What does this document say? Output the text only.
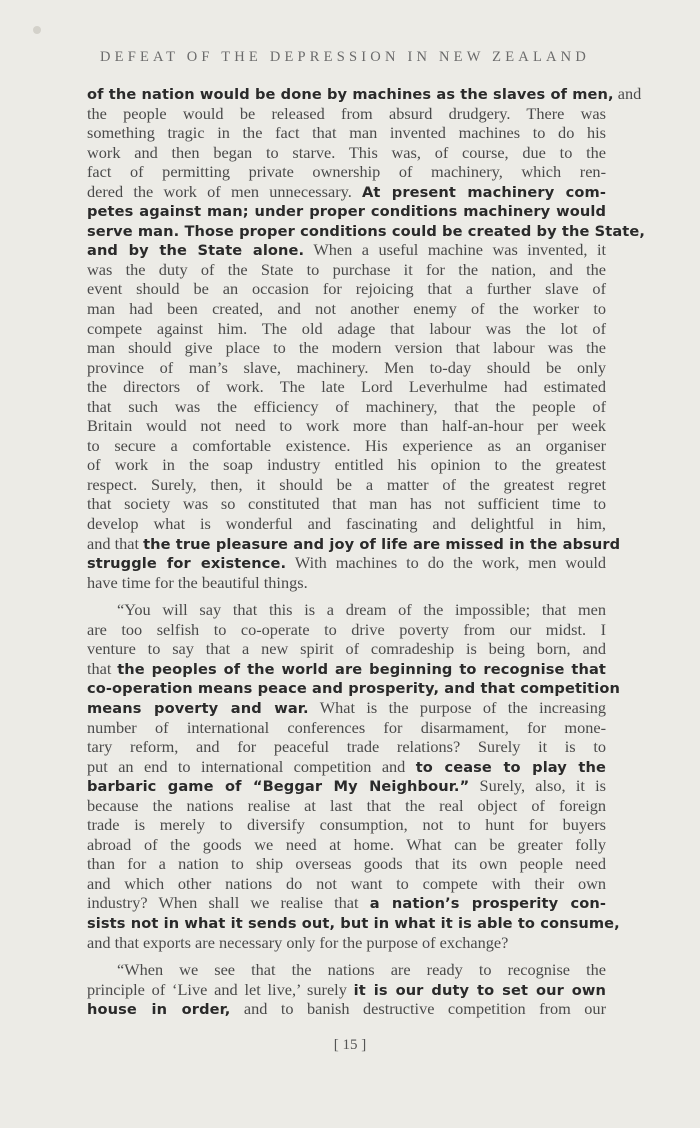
DEFEAT OF THE DEPRESSION IN NEW ZEALAND
of the nation would be done by machines as the slaves of men, and
the people would be released from absurd drudgery. There was
something tragic in the fact that man invented machines to do his
work and then began to starve. This was, of course, due to the
fact of permitting private ownership of machinery, which ren-
dered the work of men unnecessary. At present machinery com-
petes against man; under proper conditions machinery would
serve man. Those proper conditions could be created by the State,
and by the State alone. When a useful machine was invented, it
was the duty of the State to purchase it for the nation, and the
event should be an occasion for rejoicing that a further slave of
man had been created, and not another enemy of the worker to
compete against him. The old adage that labour was the lot of
man should give place to the modern version that labour was the
province of man’s slave, machinery. Men to-day should be only
the directors of work. The late Lord Leverhulme had estimated
that such was the efficiency of machinery, that the people of
Britain would not need to work more than half-an-hour per week
to secure a comfortable existence. His experience as an organiser
of work in the soap industry entitled his opinion to the greatest
respect. Surely, then, it should be a matter of the greatest regret
that society was so constituted that man has not sufficient time to
develop what is wonderful and fascinating and delightful in him,
and that the true pleasure and joy of life are missed in the absurd
struggle for existence. With machines to do the work, men would
have time for the beautiful things.
“You will say that this is a dream of the impossible; that men
are too selfish to co-operate to drive poverty from our midst. I
venture to say that a new spirit of comradeship is being born, and
that the peoples of the world are beginning to recognise that
co-operation means peace and prosperity, and that competition
means poverty and war. What is the purpose of the increasing
number of international conferences for disarmament, for mone-
tary reform, and for peaceful trade relations? Surely it is to
put an end to international competition and to cease to play the
barbaric game of “Beggar My Neighbour.” Surely, also, it is
because the nations realise at last that the real object of foreign
trade is merely to diversify consumption, not to hunt for buyers
abroad of the goods we need at home. What can be greater folly
than for a nation to ship overseas goods that its own people need
and which other nations do not want to compete with their own
industry? When shall we realise that a nation’s prosperity con-
sists not in what it sends out, but in what it is able to consume,
and that exports are necessary only for the purpose of exchange?
“When we see that the nations are ready to recognise the
principle of ‘Live and let live,’ surely it is our duty to set our own
house in order, and to banish destructive competition from our
[ 15 ]
